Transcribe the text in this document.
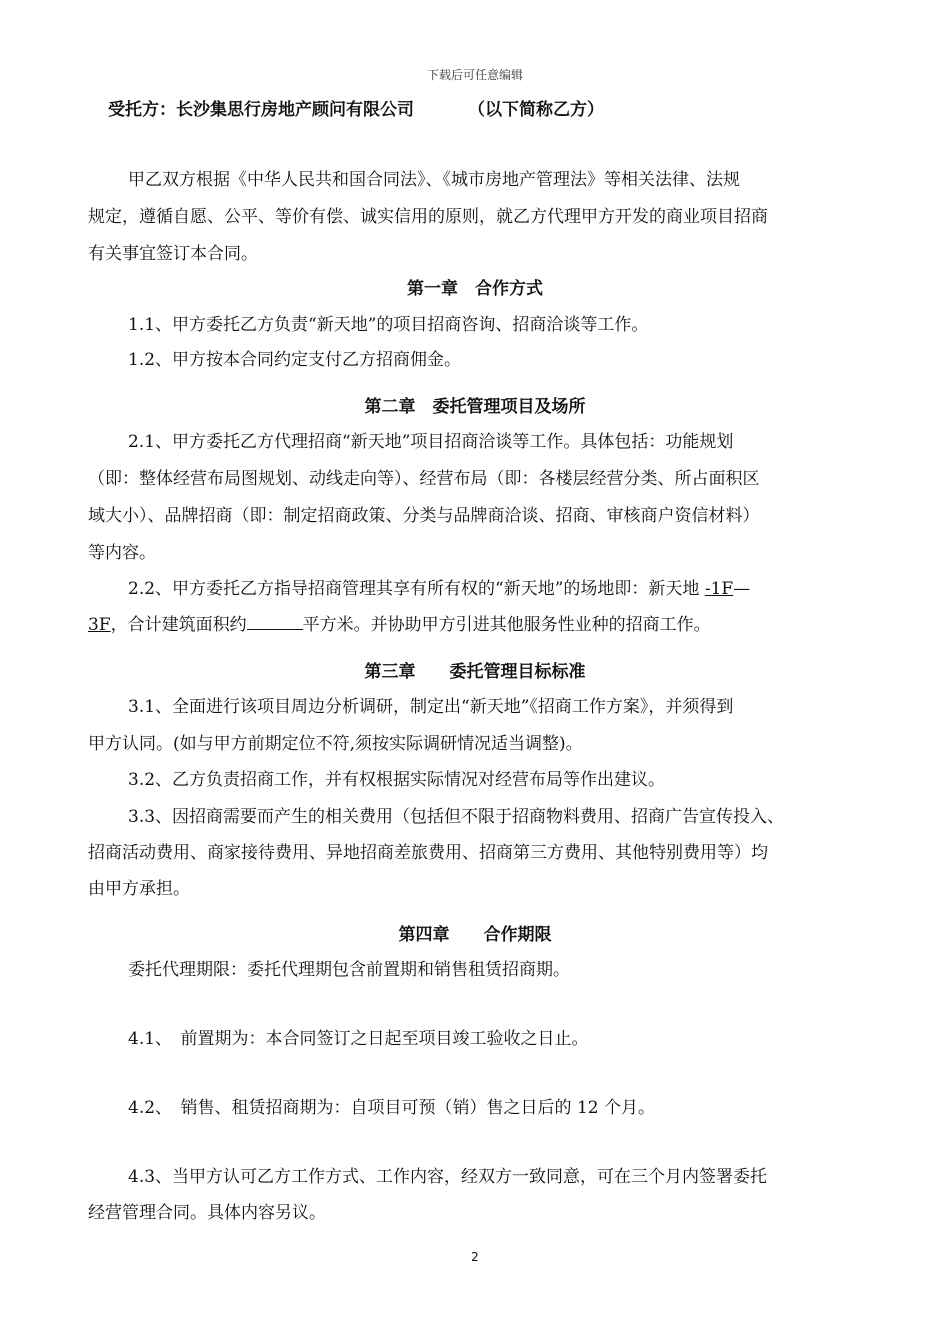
下载后可任意编辑
受托方：长沙集思行房地产顾问有限公司	（以下简称乙方）
甲乙双方根据《中华人民共和国合同法》、《城市房地产管理法》等相关法律、法规
规定，遵循自愿、公平、等价有偿、诚实信用的原则，就乙方代理甲方开发的商业项目招商
有关事宜签订本合同。
第一章　合作方式
1.1、甲方委托乙方负责“新天地”的项目招商咨询、招商洽谈等工作。
1.2、甲方按本合同约定支付乙方招商佣金。
第二章　委托管理项目及场所
2.1、甲方委托乙方代理招商“新天地”项目招商洽谈等工作。具体包括：功能规划
（即：整体经营布局图规划、动线走向等）、经营布局（即：各楼层经营分类、所占面积区
域大小）、品牌招商（即：制定招商政策、分类与品牌商洽谈、招商、审核商户资信材料）
等内容。
2.2、甲方委托乙方指导招商管理其享有所有权的“新天地”的场地即：新天地 -1F—
3F，合计建筑面积约	平方米。并协助甲方引进其他服务性业种的招商工作。
第三章　　委托管理目标标准
3.1、全面进行该项目周边分析调研，制定出“新天地”《招商工作方案》，并须得到
甲方认同。(如与甲方前期定位不符,须按实际调研情况适当调整)。
3.2、乙方负责招商工作，并有权根据实际情况对经营布局等作出建议。
3.3、因招商需要而产生的相关费用（包括但不限于招商物料费用、招商广告宣传投入、
招商活动费用、商家接待费用、异地招商差旅费用、招商第三方费用、其他特别费用等）均
由甲方承担。
第四章　　合作期限
委托代理期限：委托代理期包含前置期和销售租赁招商期。
4.1、　前置期为：本合同签订之日起至项目竣工验收之日止。
4.2、　销售、租赁招商期为：自项目可预（销）售之日后的 12 个月。
4.3、当甲方认可乙方工作方式、工作内容，经双方一致同意，可在三个月内签署委托
经营管理合同。具体内容另议。
2
